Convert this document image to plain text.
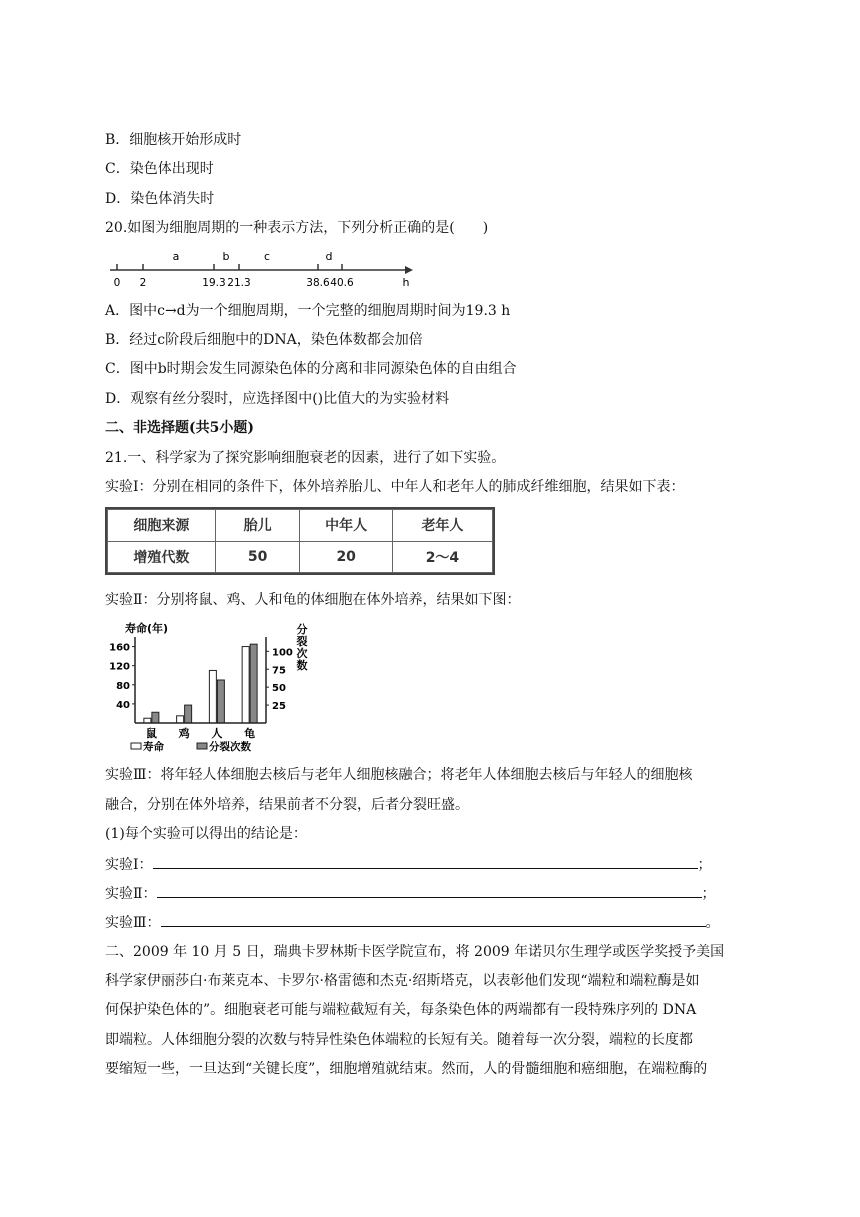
B．细胞核开始形成时
C．染色体出现时
D．染色体消失时
20.如图为细胞周期的一种表示方法，下列分析正确的是(　　)
a	b	c	d
0 2	19.3 21.3	38.6 40.6	h
A．图中c→d为一个细胞周期，一个完整的细胞周期时间为19.3 h
B．经过c阶段后细胞中的DNA，染色体数都会加倍
C．图中b时期会发生同源染色体的分离和非同源染色体的自由组合
D．观察有丝分裂时，应选择图中()比值大的为实验材料
二、非选择题(共5小题)
21.一、科学家为了探究影响细胞衰老的因素，进行了如下实验。
实验Ⅰ：分别在相同的条件下，体外培养胎儿、中年人和老年人的肺成纤维细胞，结果如下表：
细胞来源	胎儿	中年人	老年人
增殖代数	50	20	2～4
实验Ⅱ：分别将鼠、鸡、人和龟的体细胞在体外培养，结果如下图：
寿命(年)	分
裂
次
数
40
80
120
160
25
50
75
100
鼠 鸡 人 龟
寿命	分裂次数
实验Ⅲ：将年轻人体细胞去核后与老年人细胞核融合；将老年人体细胞去核后与年轻人的细胞核
融合，分别在体外培养，结果前者不分裂，后者分裂旺盛。
(1)每个实验可以得出的结论是：
实验Ⅰ：	；
实验Ⅱ：	；
实验Ⅲ：	。
二、2009 年 10 月 5 日，瑞典卡罗林斯卡医学院宣布，将 2009 年诺贝尔生理学或医学奖授予美国
科学家伊丽莎白·布莱克本、卡罗尔·格雷德和杰克·绍斯塔克，以表彰他们发现“端粒和端粒酶是如
何保护染色体的”。细胞衰老可能与端粒截短有关，每条染色体的两端都有一段特殊序列的 DNA
即端粒。人体细胞分裂的次数与特异性染色体端粒的长短有关。随着每一次分裂，端粒的长度都
要缩短一些，一旦达到“关键长度”，细胞增殖就结束。然而，人的骨髓细胞和癌细胞，在端粒酶的
